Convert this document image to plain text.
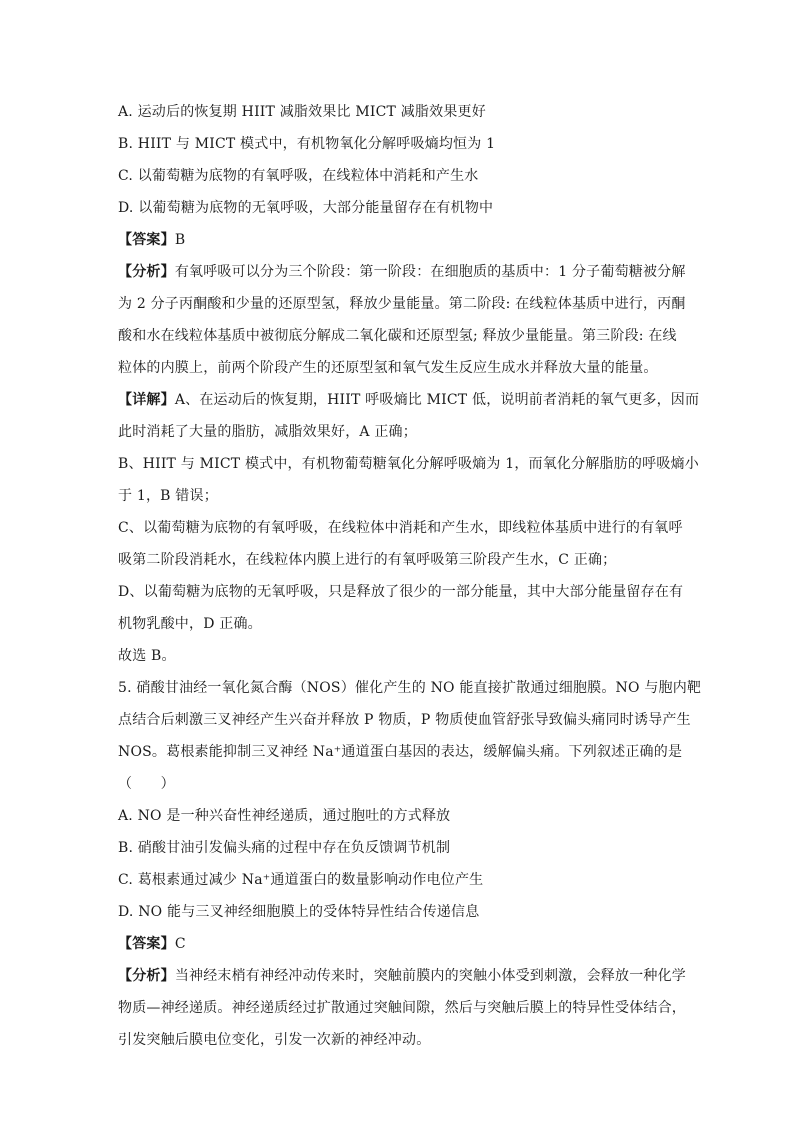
A. 运动后的恢复期 HIIT 减脂效果比 MICT 减脂效果更好
B. HIIT 与 MICT 模式中，有机物氧化分解呼吸熵均恒为 1
C. 以葡萄糖为底物的有氧呼吸，在线粒体中消耗和产生水
D. 以葡萄糖为底物的无氧呼吸，大部分能量留存在有机物中
【答案】B
【分析】有氧呼吸可以分为三个阶段：第一阶段：在细胞质的基质中：1 分子葡萄糖被分解
为 2 分子丙酮酸和少量的还原型氢，释放少量能量。第二阶段: 在线粒体基质中进行，丙酮
酸和水在线粒体基质中被彻底分解成二氧化碳和还原型氢; 释放少量能量。第三阶段: 在线
粒体的内膜上，前两个阶段产生的还原型氢和氧气发生反应生成水并释放大量的能量。
【详解】A、在运动后的恢复期，HIIT 呼吸熵比 MICT 低，说明前者消耗的氧气更多，因而
此时消耗了大量的脂肪，减脂效果好，A 正确；
B、HIIT 与 MICT 模式中，有机物葡萄糖氧化分解呼吸熵为 1，而氧化分解脂肪的呼吸熵小
于 1，B 错误；
C、以葡萄糖为底物的有氧呼吸，在线粒体中消耗和产生水，即线粒体基质中进行的有氧呼
吸第二阶段消耗水，在线粒体内膜上进行的有氧呼吸第三阶段产生水，C 正确；
D、以葡萄糖为底物的无氧呼吸，只是释放了很少的一部分能量，其中大部分能量留存在有
机物乳酸中，D 正确。
故选 B。
5. 硝酸甘油经一氧化氮合酶（NOS）催化产生的 NO 能直接扩散通过细胞膜。NO 与胞内靶
点结合后刺激三叉神经产生兴奋并释放 P 物质，P 物质使血管舒张导致偏头痛同时诱导产生
NOS。葛根素能抑制三叉神经 Na⁺通道蛋白基因的表达，缓解偏头痛。下列叙述正确的是
（　　）
A. NO 是一种兴奋性神经递质，通过胞吐的方式释放
B. 硝酸甘油引发偏头痛的过程中存在负反馈调节机制
C. 葛根素通过减少 Na⁺通道蛋白的数量影响动作电位产生
D. NO 能与三叉神经细胞膜上的受体特异性结合传递信息
【答案】C
【分析】当神经末梢有神经冲动传来时，突触前膜内的突触小体受到刺激，会释放一种化学
物质—神经递质。神经递质经过扩散通过突触间隙，然后与突触后膜上的特异性受体结合，
引发突触后膜电位变化，引发一次新的神经冲动。
